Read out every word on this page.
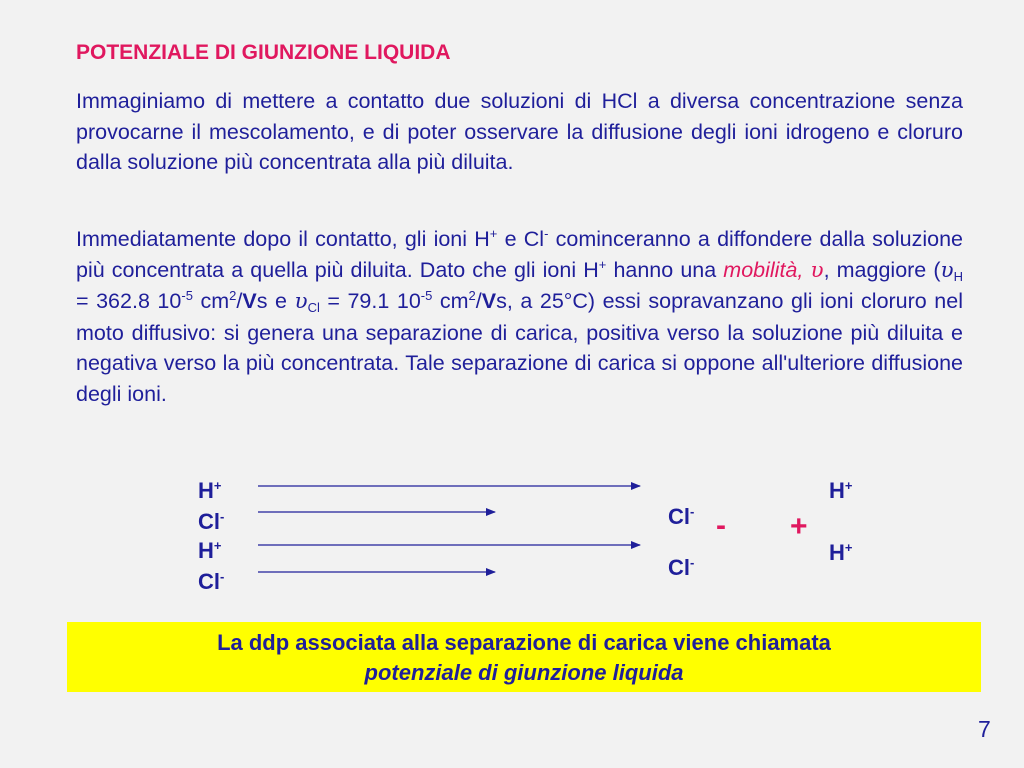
POTENZIALE DI GIUNZIONE LIQUIDA

Immaginiamo di mettere a contatto due soluzioni di HCl a diversa concentrazione senza provocarne il mescolamento, e di poter osservare la diffusione degli ioni idrogeno e cloruro dalla soluzione più concentrata alla più diluita.

Immediatamente dopo il contatto, gli ioni H+ e Cl- cominceranno a diffondere dalla soluzione più concentrata a quella più diluita. Dato che gli ioni H+ hanno una mobilità, υ, maggiore ($\upsilon_H = 362.8$ $10^{-5}$ $cm^2/Vs$ e $\upsilon_{Cl} = 79.1$ $10^{-5}$ $cm^2/Vs$, a 25°C) essi sopravanzano gli ioni cloruro nel moto diffusivo: si genera una separazione di carica, positiva verso la soluzione più diluita e negativa verso la più concentrata. Tale separazione di carica si oppone all'ulteriore diffusione degli ioni.

H+
Cl-
H+
Cl-
Cl-
Cl-
- +
H+
H+
La ddp associata alla separazione di carica viene chiamata
potenziale di giunzione liquida
7
